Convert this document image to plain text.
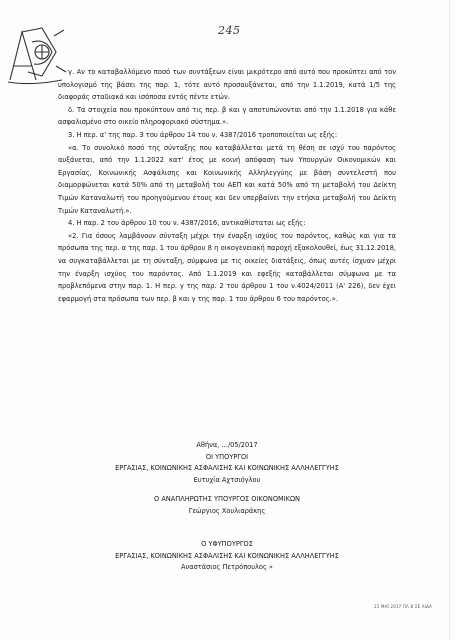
245

γ. Αν το καταβαλλόμενο ποσό των συντάξεων είναι μικρότερο από αυτό που προκύπτει από τον υπολογισμό της βάσει της παρ. 1, τότε αυτό προσαυξάνεται, από την 1.1.2019, κατά 1/5 της διαφοράς σταδιακά και ισόποσα εντός πέντε ετών.

δ. Τα στοιχεία που προκύπτουν από τις περ. β και γ αποτυπώνονται από την 1.1.2018 για κάθε ασφαλισμένο στο οικείο πληροφοριακό σύστημα.».

3. Η περ. α' της παρ. 3 του άρθρου 14 του ν. 4387/2016 τροποποιείται ως εξής:

«α. Το συνολικό ποσό της σύνταξης που καταβάλλεται μετά τη θέση σε ισχύ του παρόντος αυξάνεται, από την 1.1.2022 κατ' έτος με κοινή απόφαση των Υπουργών Οικονομικών και Εργασίας, Κοινωνικής Ασφάλισης και Κοινωνικής Αλληλεγγύης με βάση συντελεστή που διαμορφώνεται κατά 50% από τη μεταβολή του ΑΕΠ και κατά 50% από τη μεταβολή του Δείκτη Τιμών Καταναλωτή του προηγούμενου έτους και δεν υπερβαίνει την ετήσια μεταβολή του Δείκτη Τιμών Καταναλωτή.».

4. Η παρ. 2 του άρθρου 10 του ν. 4387/2016, αντικαθίσταται ως εξής:

«2. Για όσους λαμβάνουν σύνταξη μέχρι την έναρξη ισχύος του παρόντος, καθώς και για τα πρόσωπα της περ. α της παρ. 1 του άρθρου 8 η οικογενειακή παροχή εξακολουθεί, έως 31.12.2018, να συγκαταβάλλεται με τη σύνταξη, σύμφωνα με τις οικείες διατάξεις, όπως αυτές ίσχυαν μέχρι την έναρξη ισχύος του παρόντος. Από 1.1.2019 και εφεξής καταβάλλεται σύμφωνα με τα προβλεπόμενα στην παρ. 1. Η περ. γ της παρ. 2 του άρθρου 1 του ν.4024/2011 (Α' 226), δεν έχει εφαρμογή στα πρόσωπα των περ. β και γ της παρ. 1 του άρθρου 6 του παρόντος.».

Αθήνα, …/05/2017
ΟΙ ΥΠΟΥΡΓΟΙ
ΕΡΓΑΣΙΑΣ, ΚΟΙΝΩΝΙΚΗΣ ΑΣΦΑΛΙΣΗΣ ΚΑΙ ΚΟΙΝΩΝΙΚΗΣ ΑΛΛΗΛΕΓΓΥΗΣ
Ευτυχία Αχτσιόγλου
Ο ΑΝΑΠΛΗΡΩΤΗΣ ΥΠΟΥΡΓΟΣ ΟΙΚΟΝΟΜΙΚΩΝ
Γεώργιος Χουλιαράκης
Ο ΥΦΥΠΟΥΡΓΟΣ
ΕΡΓΑΣΙΑΣ, ΚΟΙΝΩΝΙΚΗΣ ΑΣΦΑΛΙΣΗΣ ΚΑΙ ΚΟΙΝΩΝΙΚΗΣ ΑΛΛΗΛΕΓΓΥΗΣ
Αναστάσιος Πετρόπουλος »
15 ΜΑΪ 2017 ΠΛ Β ΣΕ ΛΙΔΑ
